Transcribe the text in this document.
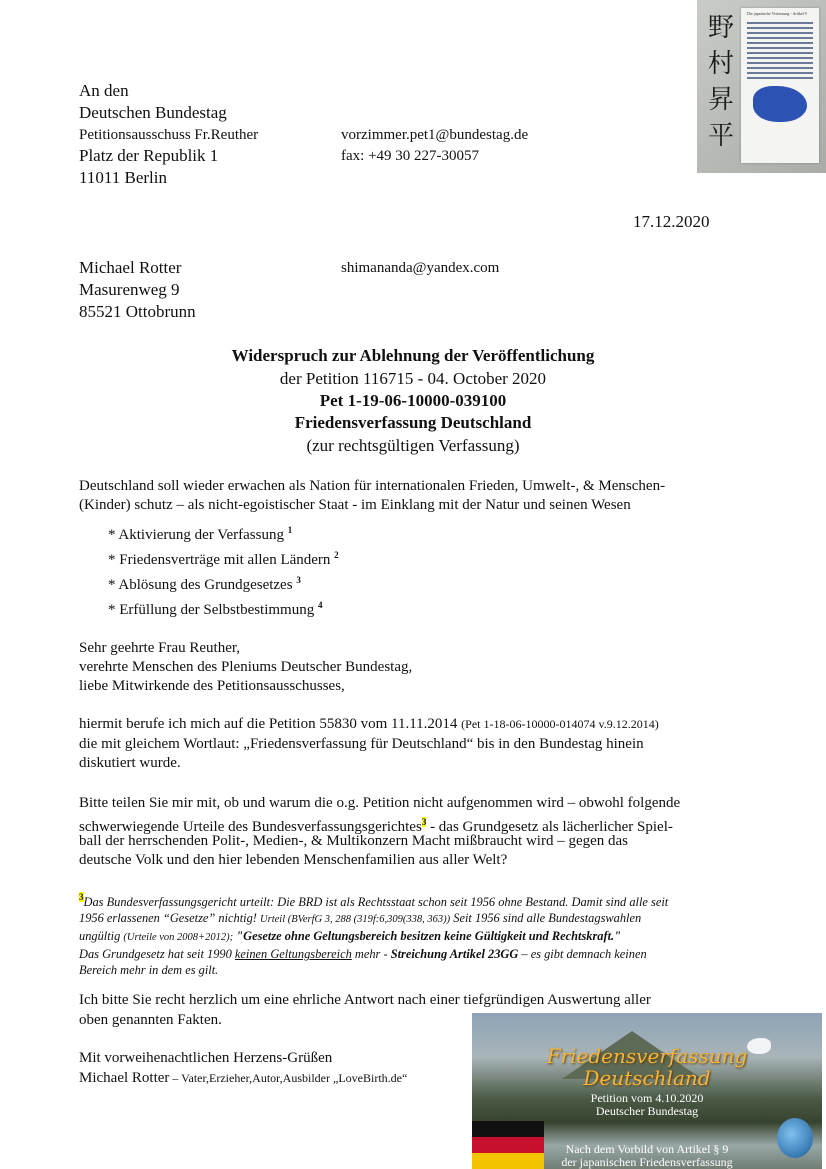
野
村
昇
平
Die japanische Verfassung - Artikel 9
An den
Deutschen Bundestag
Petitionsausschuss Fr.Reuther
Platz der Republik 1
11011 Berlin
vorzimmer.pet1@bundestag.de
fax: +49 30 227-30057
17.12.2020
Michael Rotter
Masurenweg 9
85521 Ottobrunn
shimananda@yandex.com
Widerspruch zur Ablehnung der Veröffentlichung
der Petition 116715 - 04. October 2020
Pet 1-19-06-10000-039100
Friedensverfassung Deutschland
(zur rechtsgültigen Verfassung)
Deutschland soll wieder erwachen als Nation für internationalen Frieden, Umwelt-, & Menschen-
(Kinder) schutz – als nicht-egoistischer Staat - im Einklang mit der Natur und seinen Wesen
* Aktivierung der Verfassung $^1$
* Friedensverträge mit allen Ländern $^2$
* Ablösung des Grundgesetzes $^3$
* Erfüllung der Selbstbestimmung $^4$
Sehr geehrte Frau Reuther,
verehrte Menschen des Pleniums Deutscher Bundestag,
liebe Mitwirkende des Petitionsausschusses,
hiermit berufe ich mich auf die Petition 55830 vom 11.11.2014 (Pet 1-18-06-10000-014074 v.9.12.2014)
die mit gleichem Wortlaut: „Friedensverfassung für Deutschland“ bis in den Bundestag hinein
diskutiert wurde.
Bitte teilen Sie mir mit, ob und warum die o.g. Petition nicht aufgenommen wird – obwohl folgende
schwerwiegende Urteile des Bundesverfassungsgerichtes$^3$ - das Grundgesetz als lächerlicher Spiel-
ball der herrschenden Polit-, Medien-, & Multikonzern Macht mißbraucht wird – gegen das
deutsche Volk und den hier lebenden Menschenfamilien aus aller Welt?
$^3$Das Bundesverfassungsgericht urteilt: Die BRD ist als Rechtsstaat schon seit 1956 ohne Bestand. Damit sind alle seit
1956 erlassenen “Gesetze” nichtig! Urteil (BVerfG 3, 288 (319f:6,309(338, 363)) Seit 1956 sind alle Bundestagswahlen
ungültig (Urteile von 2008+2012); "Gesetze ohne Geltungsbereich besitzen keine Gültigkeit und Rechtskraft."
Das Grundgesetz hat seit 1990 keinen Geltungsbereich mehr - Streichung Artikel 23GG – es gibt demnach keinen
Bereich mehr in dem es gilt.
Ich bitte Sie recht herzlich um eine ehrliche Antwort nach einer tiefgründigen Auswertung aller
oben genannten Fakten.
Mit vorweihenachtlichen Herzens-Grüßen
Michael Rotter – Vater,Erzieher,Autor,Ausbilder „LoveBirth.de“
Friedensverfassung
Deutschland
Petition vom 4.10.2020
Deutscher Bundestag
Nach dem Vorbild von Artikel § 9
der japanischen Friedensverfassung
